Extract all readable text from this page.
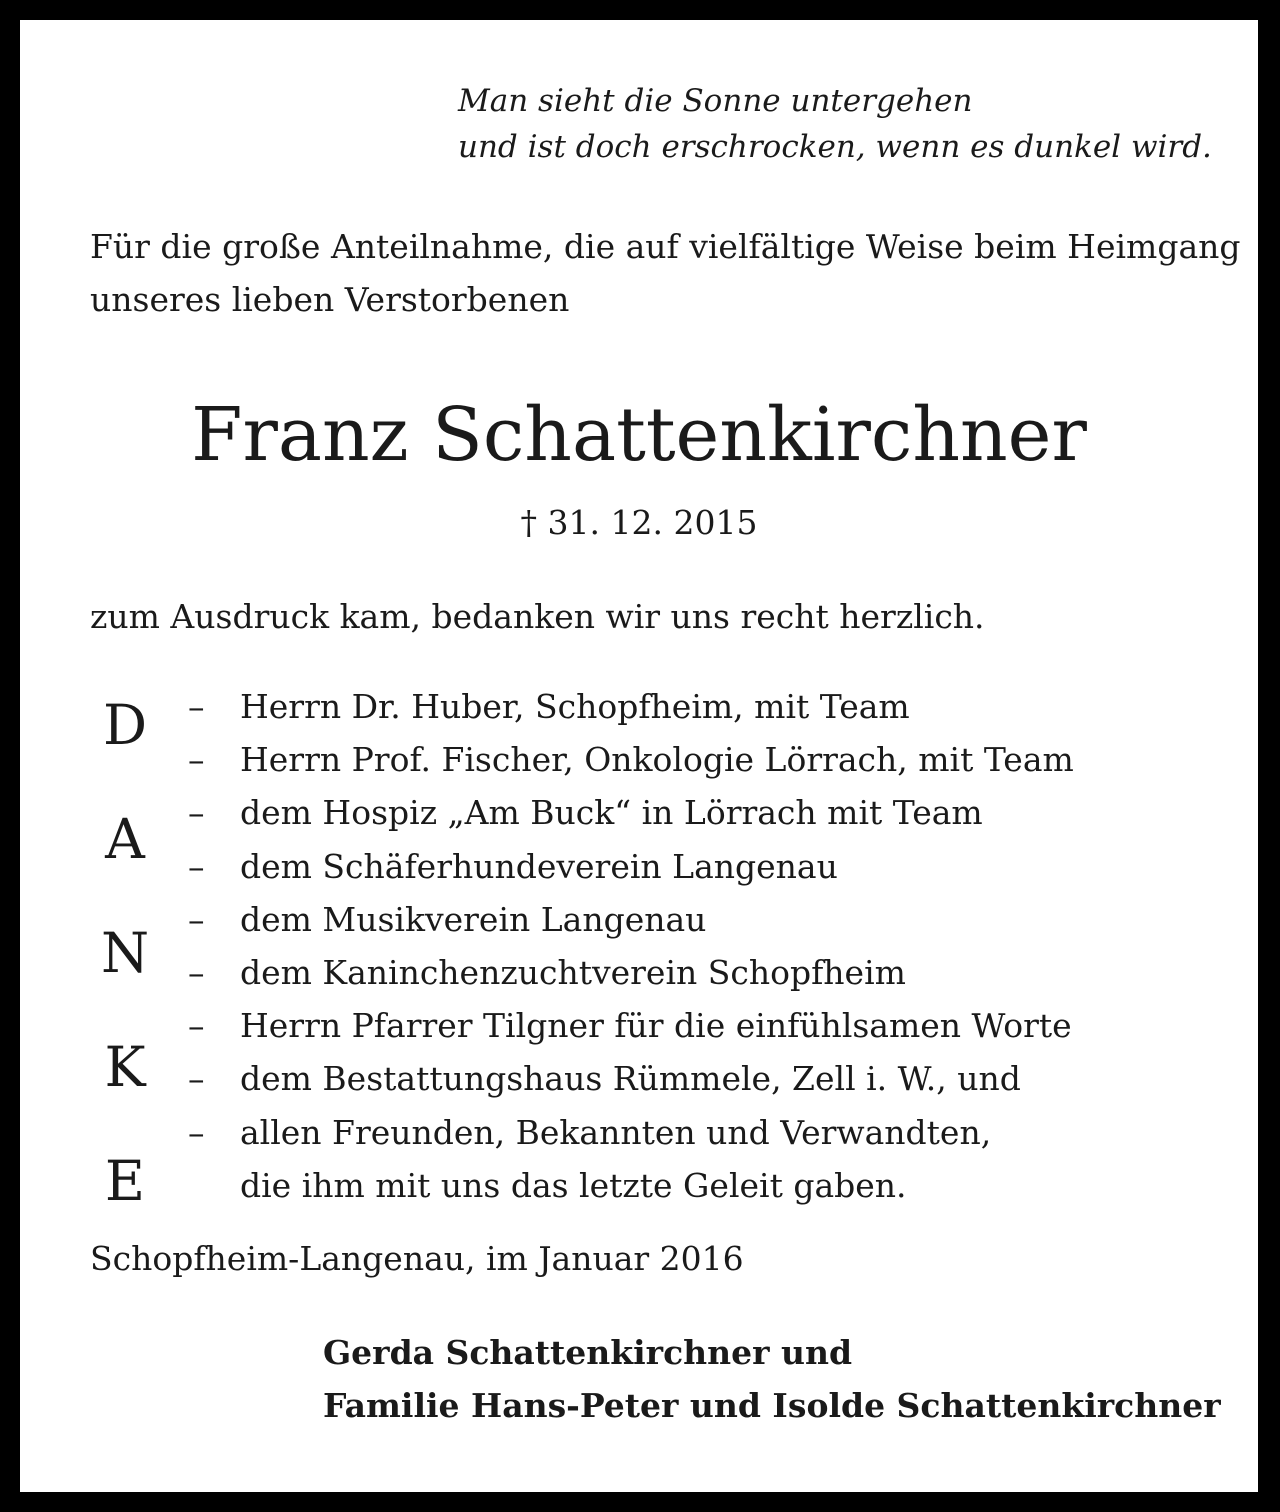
Man sieht die Sonne untergehen
und ist doch erschrocken, wenn es dunkel wird.
Für die große Anteilnahme, die auf vielfältige Weise beim Heimgang
unseres lieben Verstorbenen
Franz Schattenkirchner
† 31. 12. 2015
zum Ausdruck kam, bedanken wir uns recht herzlich.
D
A
N
K
E
– Herrn Dr. Huber, Schopfheim, mit Team
– Herrn Prof. Fischer, Onkologie Lörrach, mit Team
– dem Hospiz „Am Buck“ in Lörrach mit Team
– dem Schäferhundeverein Langenau
– dem Musikverein Langenau
– dem Kaninchenzuchtverein Schopfheim
– Herrn Pfarrer Tilgner für die einfühlsamen Worte
– dem Bestattungshaus Rümmele, Zell i. W., und
– allen Freunden, Bekannten und Verwandten,
die ihm mit uns das letzte Geleit gaben.
Schopfheim-Langenau, im Januar 2016
Gerda Schattenkirchner und
Familie Hans-Peter und Isolde Schattenkirchner
